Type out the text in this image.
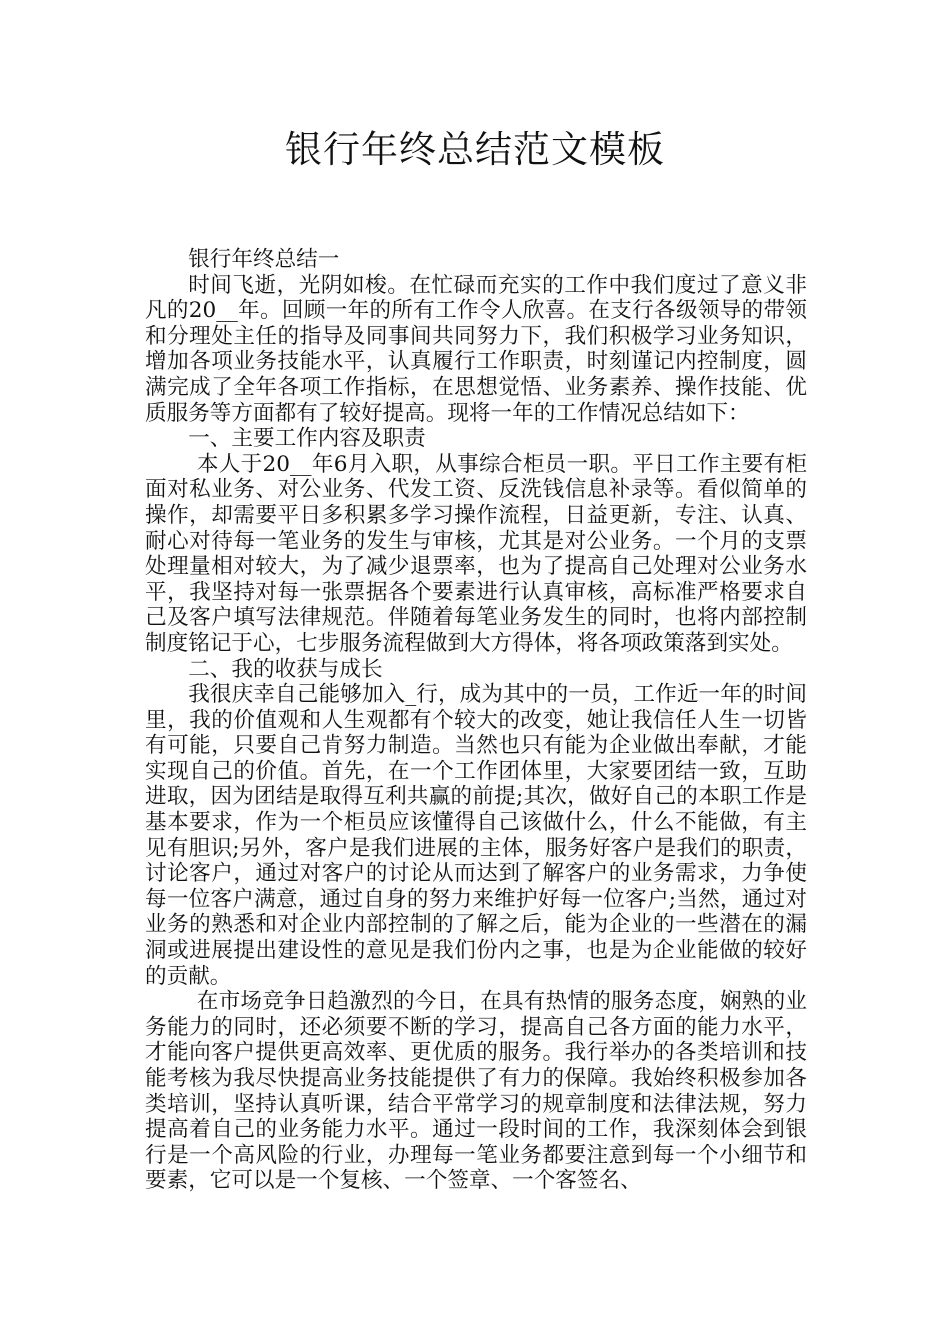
银行年终总结范文模板

银行年终总结一

时间飞逝，光阴如梭。在忙碌而充实的工作中我们度过了意义非凡的20__年。回顾一年的所有工作令人欣喜。在支行各级领导的带领和分理处主任的指导及同事间共同努力下，我们积极学习业务知识，增加各项业务技能水平，认真履行工作职责，时刻谨记内控制度，圆满完成了全年各项工作指标，在思想觉悟、业务素养、操作技能、优质服务等方面都有了较好提高。现将一年的工作情况总结如下：

一、主要工作内容及职责

本人于20__年6月入职，从事综合柜员一职。平日工作主要有柜面对私业务、对公业务、代发工资、反洗钱信息补录等。看似简单的操作，却需要平日多积累多学习操作流程，日益更新，专注、认真、耐心对待每一笔业务的发生与审核，尤其是对公业务。一个月的支票处理量相对较大，为了减少退票率，也为了提高自己处理对公业务水平，我坚持对每一张票据各个要素进行认真审核，高标准严格要求自己及客户填写法律规范。伴随着每笔业务发生的同时，也将内部控制制度铭记于心，七步服务流程做到大方得体，将各项政策落到实处。

二、我的收获与成长

我很庆幸自己能够加入_行，成为其中的一员，工作近一年的时间里，我的价值观和人生观都有个较大的改变，她让我信任人生一切皆有可能，只要自己肯努力制造。当然也只有能为企业做出奉献，才能实现自己的价值。首先，在一个工作团体里，大家要团结一致，互助进取，因为团结是取得互利共赢的前提;其次，做好自己的本职工作是基本要求，作为一个柜员应该懂得自己该做什么，什么不能做，有主见有胆识;另外，客户是我们进展的主体，服务好客户是我们的职责，讨论客户，通过对客户的讨论从而达到了解客户的业务需求，力争使每一位客户满意，通过自身的努力来维护好每一位客户;当然，通过对业务的熟悉和对企业内部控制的了解之后，能为企业的一些潜在的漏洞或进展提出建设性的意见是我们份内之事，也是为企业能做的较好的贡献。

在市场竞争日趋激烈的今日，在具有热情的服务态度，娴熟的业务能力的同时，还必须要不断的学习，提高自己各方面的能力水平，才能向客户提供更高效率、更优质的服务。我行举办的各类培训和技能考核为我尽快提高业务技能提供了有力的保障。我始终积极参加各类培训，坚持认真听课，结合平常学习的规章制度和法律法规，努力提高着自己的业务能力水平。通过一段时间的工作，我深刻体会到银行是一个高风险的行业，办理每一笔业务都要注意到每一个小细节和要素，它可以是一个复核、一个签章、一个客签名、
